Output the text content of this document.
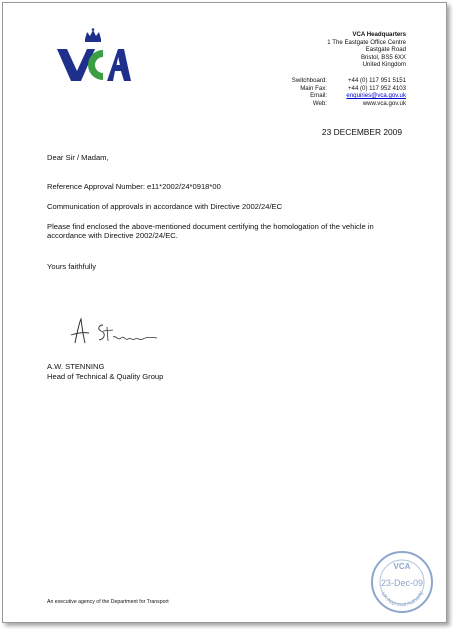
VCA Headquarters
1 The Eastgate Office Centre
Eastgate Road
Bristol, BS5 6XX
United Kingdom
Switchboard:	+44 (0) 117 951 5151
Main Fax:	+44 (0) 117 952 4103
Email:	enquiries@vca.gov.uk
Web:	www.vca.gov.uk
23 DECEMBER 2009
Dear Sir / Madam,
Reference Approval Number: e11*2002/24*0918*00
Communication of approvals in accordance with Directive 2002/24/EC
Please find enclosed the above-mentioned document certifying the homologation of the vehicle in accordance with Directive 2002/24/EC.
Yours faithfully
A.W. STENNING
Head of Technical & Quality Group
An executive agency of the Department for Transport
VCA
23-Dec-09
UK Approval Authority
